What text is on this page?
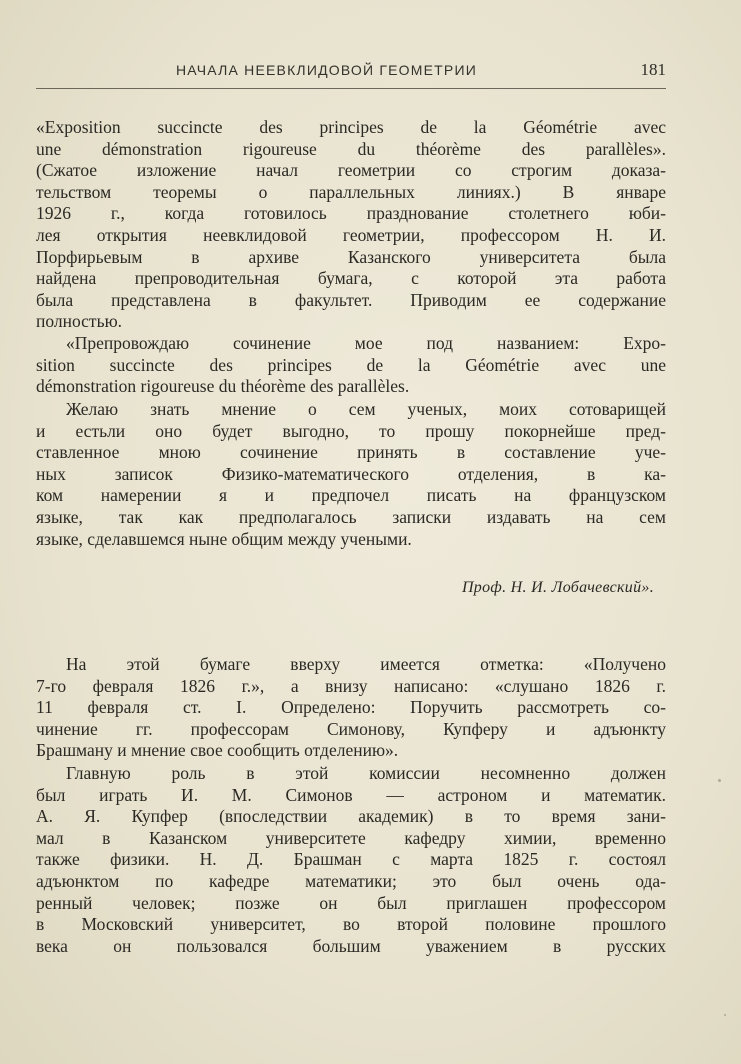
НАЧАЛА НЕЕВКЛИДОВОЙ ГЕОМЕТРИИ	181
«Exposition succincte des principes de la Géométrie avec
une démonstration rigoureuse du théorème des parallèles».
(Сжатое изложение начал геометрии со строгим доказа-
тельством теоремы о параллельных линиях.) В январе
1926 г., когда готовилось празднование столетнего юби-
лея открытия неевклидовой геометрии, профессором Н. И.
Порфирьевым в архиве Казанского университета была
найдена препроводительная бумага, с которой эта работа
была представлена в факультет. Приводим ее содержание
полностью.
«Препровождаю сочинение мое под названием: Expo-
sition succincte des principes de la Géométrie avec une
démonstration rigoureuse du théorème des parallèles.
Желаю знать мнение о сем ученых, моих сотоварищей
и естьли оно будет выгодно, то прошу покорнейше пред-
ставленное мною сочинение принять в составление уче-
ных записок Физико-математического отделения, в ка-
ком намерении я и предпочел писать на французском
языке, так как предполагалось записки издавать на сем
языке, сделавшемся ныне общим между учеными.
Проф. Н. И. Лобачевский».
На этой бумаге вверху имеется отметка: «Получено
7-го февраля 1826 г.», а внизу написано: «слушано 1826 г.
11 февраля ст. I. Определено: Поручить рассмотреть со-
чинение гг. профессорам Симонову, Купферу и адъюнкту
Брашману и мнение свое сообщить отделению».
Главную роль в этой комиссии несомненно должен
был играть И. М. Симонов — астроном и математик.
А. Я. Купфер (впоследствии академик) в то время зани-
мал в Казанском университете кафедру химии, временно
также физики. Н. Д. Брашман с марта 1825 г. состоял
адъюнктом по кафедре математики; это был очень ода-
ренный человек; позже он был приглашен профессором
в Московский университет, во второй половине прошлого
века он пользовался большим уважением в русских
